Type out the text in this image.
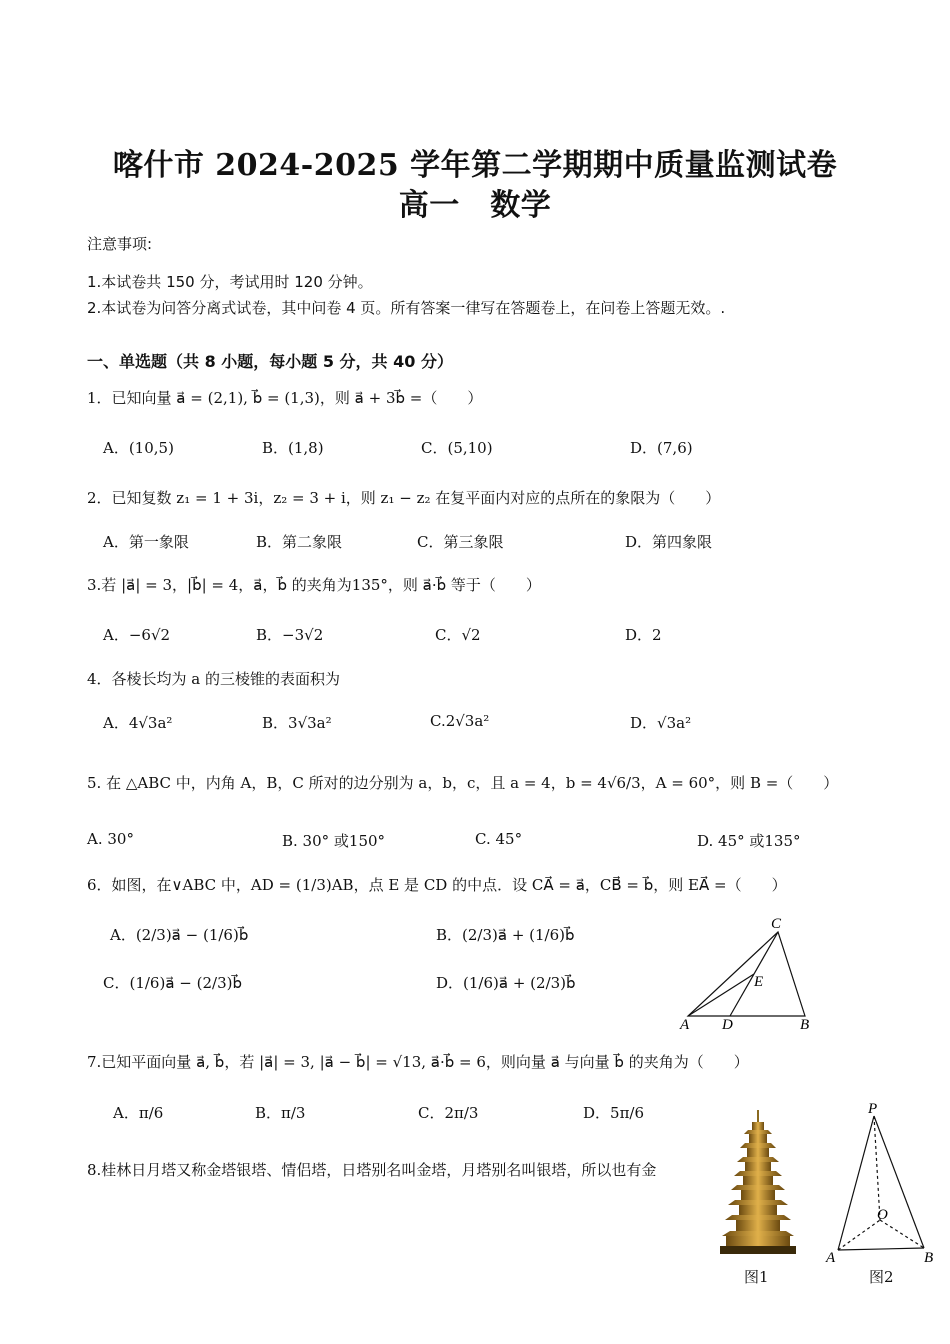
喀什市 2024-2025 学年第二学期期中质量监测试卷
高一　数学
注意事项:
1.本试卷共 150 分，考试用时 120 分钟。
2.本试卷为问答分离式试卷，其中问卷 4 页。所有答案一律写在答题卷上，在问卷上答题无效。.
一、单选题（共 8 小题，每小题 5 分，共 40 分）
1．已知向量 a⃗ = (2,1), b⃗ = (1,3)，则 a⃗ + 3b⃗ =（　　）
A．(10,5)	B．(1,8)	C．(5,10)	D．(7,6)
2．已知复数 z₁ = 1 + 3i，z₂ = 3 + i，则 z₁ − z₂ 在复平面内对应的点所在的象限为（　　）
A．第一象限	B．第二象限	C．第三象限	D．第四象限
3.若 |a⃗| = 3，|b⃗| = 4，a⃗，b⃗ 的夹角为135°，则 a⃗·b⃗ 等于（　　）
A．−6√2	B．−3√2	C．√2	D．2
4．各棱长均为 a 的三棱锥的表面积为
A．4√3a²	B．3√3a²	C.2√3a²	D．√3a²
5. 在 △ABC 中，内角 A，B，C 所对的边分别为 a，b，c，且 a = 4，b = 4√6/3，A = 60°，则 B =（　　）
A. 30°	B. 30° 或150°	C. 45°	D. 45° 或135°
6．如图，在∨ABC 中，AD = (1/3)AB，点 E 是 CD 的中点．设 CA⃗ = a⃗，CB⃗ = b⃗，则 EA⃗ =（　　）
A．(2/3)a⃗ − (1/6)b⃗	B．(2/3)a⃗ + (1/6)b⃗
C．(1/6)a⃗ − (2/3)b⃗	D．(1/6)a⃗ + (2/3)b⃗
C
E
A D	B
7.已知平面向量 a⃗, b⃗，若 |a⃗| = 3, |a⃗ − b⃗| = √13, a⃗·b⃗ = 6，则向量 a⃗ 与向量 b⃗ 的夹角为（　　）
A．π/6	B．π/3	C．2π/3	D．5π/6
8.桂林日月塔又称金塔银塔、情侣塔，日塔别名叫金塔，月塔别名叫银塔，所以也有金
图1
P
O
A	B
图2
